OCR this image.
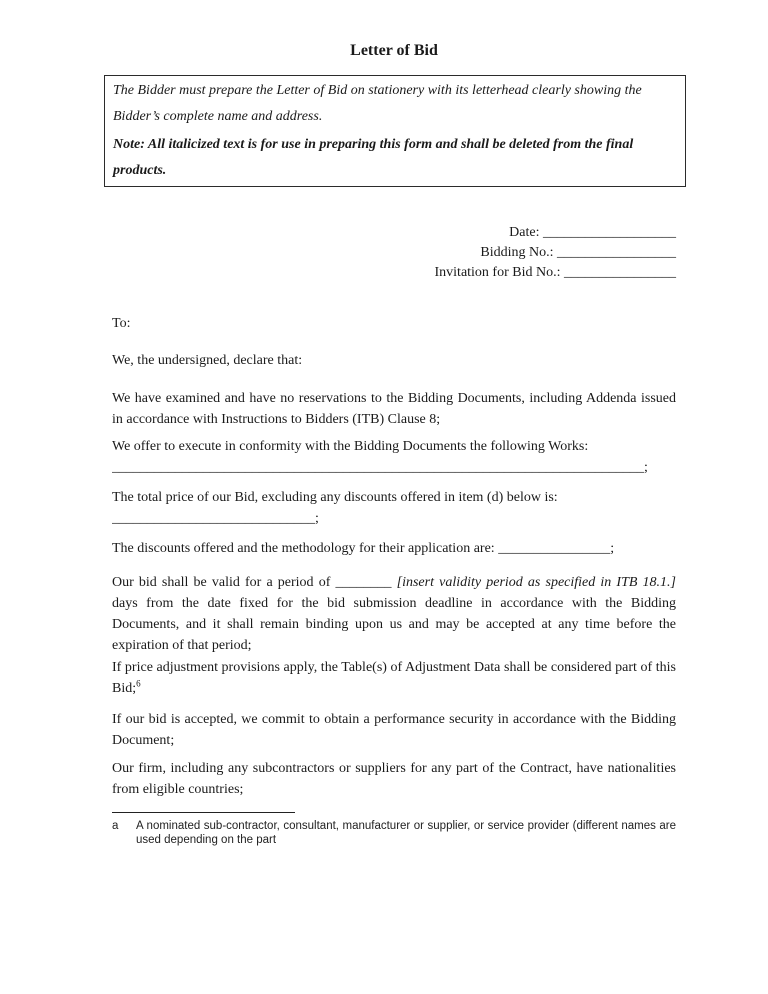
Letter of Bid

The Bidder must prepare the Letter of Bid on stationery with its letterhead clearly showing the Bidder’s complete name and address.

Note: All italicized text is for use in preparing this form and shall be deleted from the final products.

Date: ___________________
Bidding No.: _________________
Invitation for Bid No.: ________________

To:

We, the undersigned, declare that:

We have examined and have no reservations to the Bidding Documents, including Addenda issued in accordance with Instructions to Bidders (ITB) Clause 8;

We offer to execute in conformity with the Bidding Documents the following Works:
____________________________________________________________________________;

The total price of our Bid, excluding any discounts offered in item (d) below is:
_____________________________;

The discounts offered and the methodology for their application are: ________________;

Our bid shall be valid for a period of ________ [insert validity period as specified in ITB 18.1.] days from the date fixed for the bid submission deadline in accordance with the Bidding Documents, and it shall remain binding upon us and may be accepted at any time before the expiration of that period;

If price adjustment provisions apply, the Table(s) of Adjustment Data shall be considered part of this Bid;$^6$

If our bid is accepted, we commit to obtain a performance security in accordance with the Bidding Document;

Our firm, including any subcontractors or suppliers for any part of the Contract, have nationalities from eligible countries;

a	A nominated sub-contractor, consultant, manufacturer or supplier, or service provider (different names are used depending on the part
